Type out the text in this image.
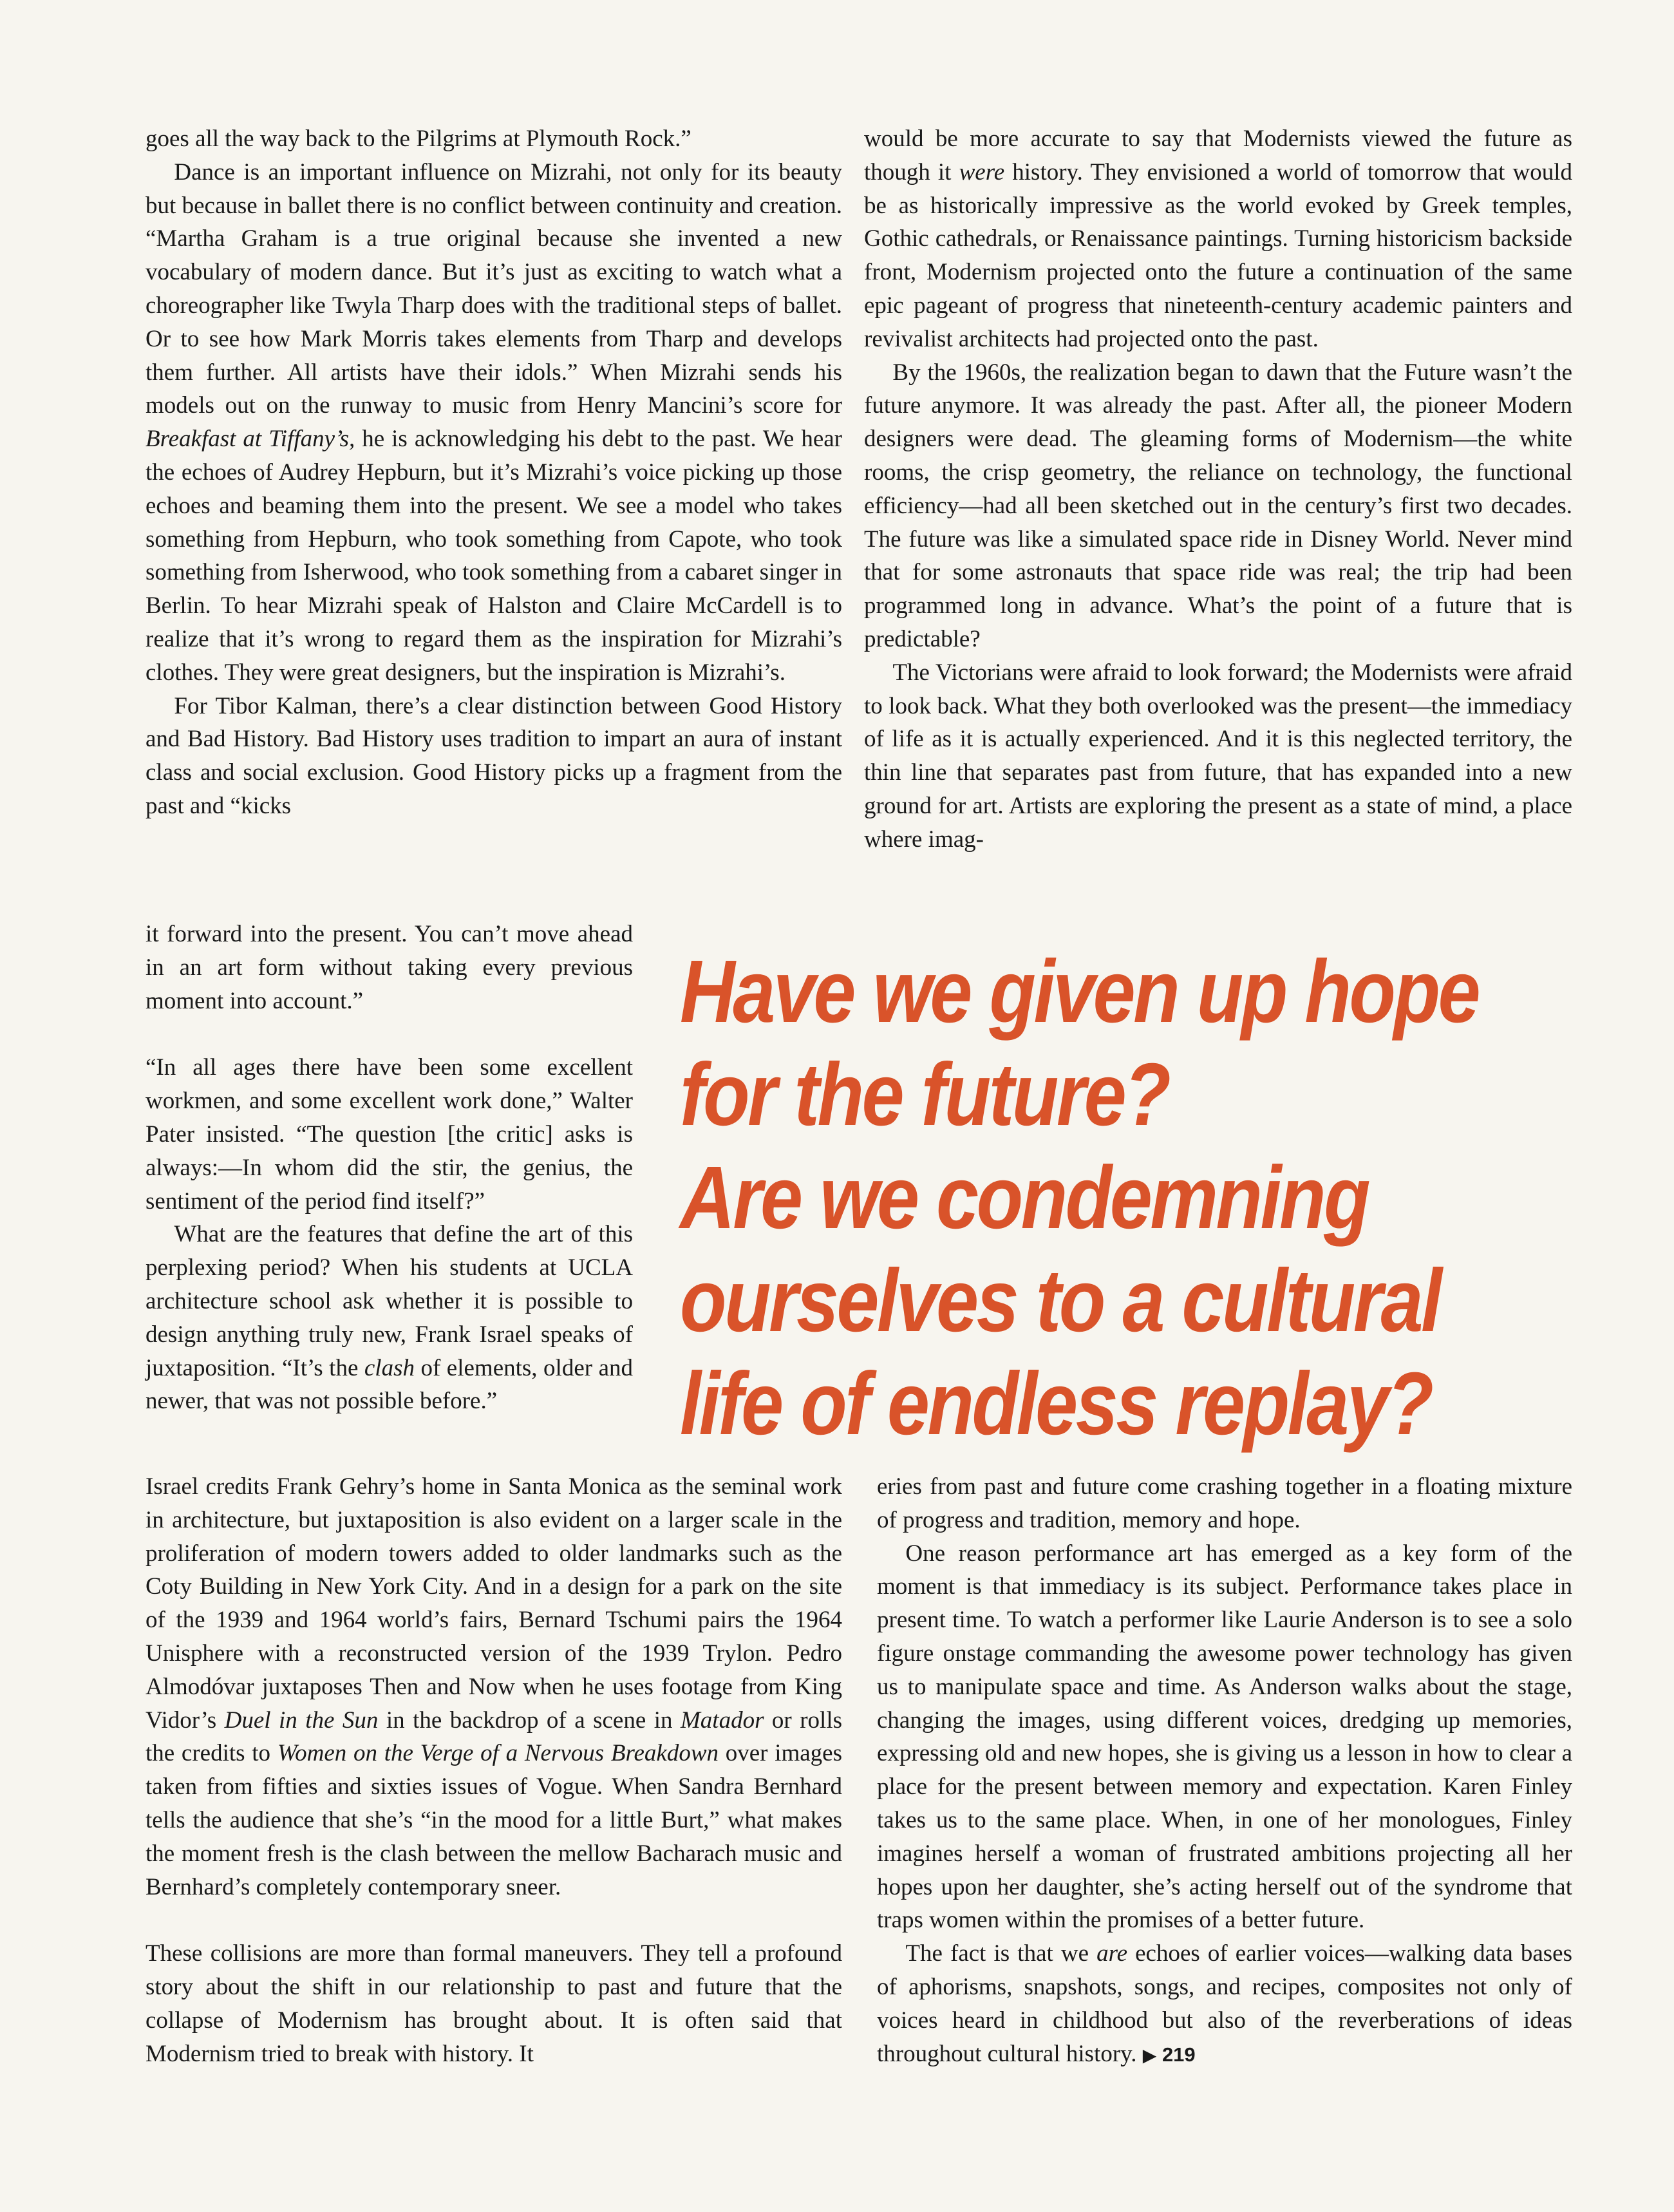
goes all the way back to the Pilgrims at Plymouth Rock.”

Dance is an important influence on Mizrahi, not only for its beauty but because in ballet there is no conflict between continuity and creation. “Martha Graham is a true original because she invented a new vocabulary of modern dance. But it’s just as exciting to watch what a choreographer like Twyla Tharp does with the traditional steps of ballet. Or to see how Mark Morris takes elements from Tharp and develops them further. All artists have their idols.” When Mizrahi sends his models out on the runway to music from Henry Mancini’s score for Breakfast at Tiffany’s, he is acknowledging his debt to the past. We hear the echoes of Audrey Hepburn, but it’s Mizrahi’s voice picking up those echoes and beaming them into the present. We see a model who takes something from Hepburn, who took something from Capote, who took something from Isherwood, who took something from a cabaret singer in Berlin. To hear Mizrahi speak of Halston and Claire McCardell is to realize that it’s wrong to regard them as the inspiration for Mizrahi’s clothes. They were great designers, but the inspiration is Mizrahi’s.

For Tibor Kalman, there’s a clear distinction between Good History and Bad History. Bad History uses tradition to impart an aura of instant class and social exclusion. Good History picks up a fragment from the past and “kicks

it forward into the present. You can’t move ahead in an art form without taking every previous moment into account.”

“In all ages there have been some excellent workmen, and some excellent work done,” Walter Pater insisted. “The question [the critic] asks is always:—In whom did the stir, the genius, the sentiment of the period find itself?”

What are the features that define the art of this perplexing period? When his students at UCLA architecture school ask whether it is possible to design anything truly new, Frank Israel speaks of juxtaposition. “It’s the clash of elements, older and newer, that was not possible before.”

Have we given up hope
for the future?
Are we condemning
ourselves to a cultural
life of endless replay?

Israel credits Frank Gehry’s home in Santa Monica as the seminal work in architecture, but juxtaposition is also evident on a larger scale in the proliferation of modern towers added to older landmarks such as the Coty Building in New York City. And in a design for a park on the site of the 1939 and 1964 world’s fairs, Bernard Tschumi pairs the 1964 Unisphere with a reconstructed version of the 1939 Trylon. Pedro Almodóvar juxtaposes Then and Now when he uses footage from King Vidor’s Duel in the Sun in the backdrop of a scene in Matador or rolls the credits to Women on the Verge of a Nervous Breakdown over images taken from fifties and sixties issues of Vogue. When Sandra Bernhard tells the audience that she’s “in the mood for a little Burt,” what makes the moment fresh is the clash between the mellow Bacharach music and Bernhard’s completely contemporary sneer.

These collisions are more than formal maneuvers. They tell a profound story about the shift in our relationship to past and future that the collapse of Modernism has brought about. It is often said that Modernism tried to break with history. It

would be more accurate to say that Modernists viewed the future as though it were history. They envisioned a world of tomorrow that would be as historically impressive as the world evoked by Greek temples, Gothic cathedrals, or Renaissance paintings. Turning historicism backside front, Modernism projected onto the future a continuation of the same epic pageant of progress that nineteenth-century academic painters and revivalist architects had projected onto the past.

By the 1960s, the realization began to dawn that the Future wasn’t the future anymore. It was already the past. After all, the pioneer Modern designers were dead. The gleaming forms of Modernism—the white rooms, the crisp geometry, the reliance on technology, the functional efficiency—had all been sketched out in the century’s first two decades. The future was like a simulated space ride in Disney World. Never mind that for some astronauts that space ride was real; the trip had been programmed long in advance. What’s the point of a future that is predictable?

The Victorians were afraid to look forward; the Modernists were afraid to look back. What they both overlooked was the present—the immediacy of life as it is actually experienced. And it is this neglected territory, the thin line that separates past from future, that has expanded into a new ground for art. Artists are exploring the present as a state of mind, a place where imag-

eries from past and future come crashing together in a floating mixture of progress and tradition, memory and hope.

One reason performance art has emerged as a key form of the moment is that immediacy is its subject. Performance takes place in present time. To watch a performer like Laurie Anderson is to see a solo figure onstage commanding the awesome power technology has given us to manipulate space and time. As Anderson walks about the stage, changing the images, using different voices, dredging up memories, expressing old and new hopes, she is giving us a lesson in how to clear a place for the present between memory and expectation. Karen Finley takes us to the same place. When, in one of her monologues, Finley imagines herself a woman of frustrated ambitions projecting all her hopes upon her daughter, she’s acting herself out of the syndrome that traps women within the promises of a better future.

The fact is that we are echoes of earlier voices—walking data bases of aphorisms, snapshots, songs, and recipes, composites not only of voices heard in childhood but also of the reverberations of ideas throughout cultural history. ▶ 219
